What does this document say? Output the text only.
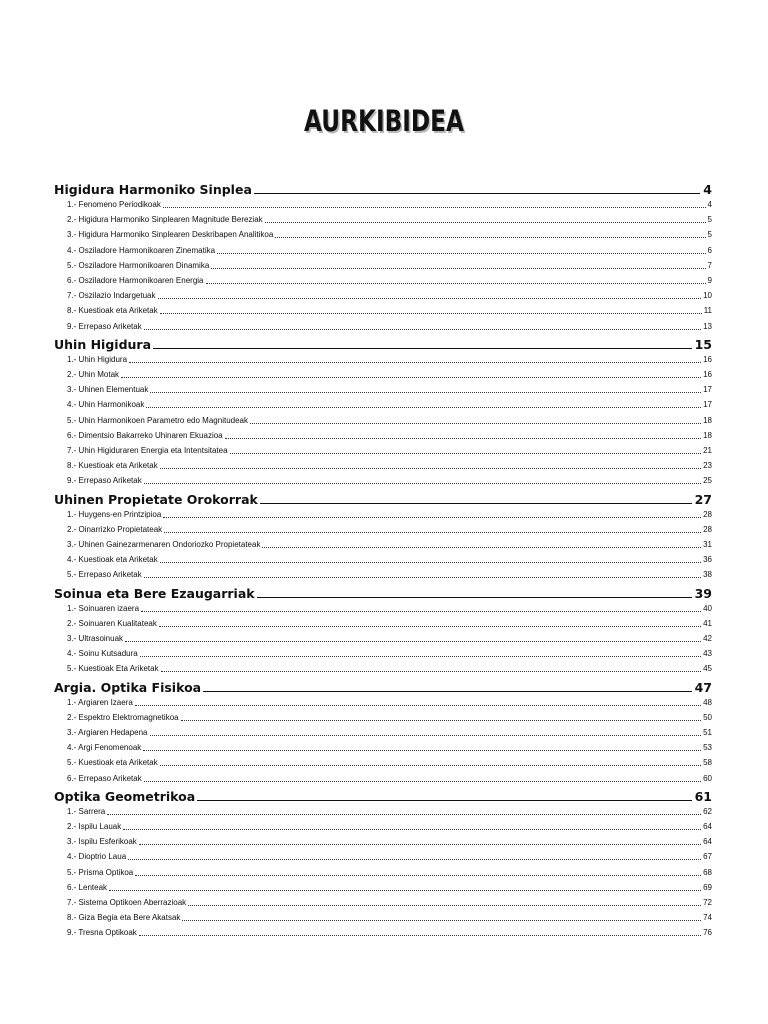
AURKIBIDEA
Higidura Harmoniko Sinplea	4
1.- Fenomeno Periodikoak	4
2.- Higidura Harmoniko Sinplearen Magnitude Bereziak	5
3.- Higidura Harmoniko Sinplearen Deskribapen Analitikoa	5
4.- Osziladore Harmonikoaren Zinematika	6
5.- Osziladore Harmonikoaren Dinamika	7
6.- Osziladore Harmonikoaren Energia	9
7.- Oszilazio Indargetuak	10
8.- Kuestioak eta Ariketak	11
9.- Errepaso Ariketak	13
Uhin Higidura	15
1.- Uhin Higidura	16
2.- Uhin Motak	16
3.- Uhinen Elementuak	17
4.- Uhin Harmonikoak	17
5.- Uhin Harmonikoen Parametro edo Magnitudeak	18
6.- Dimentsio Bakarreko Uhinaren Ekuazioa	18
7.- Uhin Higiduraren Energia eta Intentsitatea	21
8.- Kuestioak eta Ariketak	23
9.- Errepaso Ariketak	25
Uhinen Propietate Orokorrak	27
1.- Huygens-en Printzipioa	28
2.- Oinarrizko Propietateak	28
3.- Uhinen Gainezarmenaren Ondoriozko Propietateak	31
4.- Kuestioak eta Ariketak	36
5.- Errepaso Ariketak	38
Soinua eta Bere Ezaugarriak	39
1.- Soinuaren izaera	40
2.- Soinuaren Kualitateak	41
3.- Ultrasoinuak	42
4.- Soinu Kutsadura	43
5.- Kuestioak Eta Ariketak	45
Argia. Optika Fisikoa	47
1.- Argiaren Izaera	48
2.- Espektro Elektromagnetikoa	50
3.- Argiaren Hedapena	51
4.- Argi Fenomenoak	53
5.- Kuestioak eta Ariketak	58
6.- Errepaso Ariketak	60
Optika Geometrikoa	61
1.- Sarrera	62
2.- Ispilu Lauak	64
3.- Ispilu Esferikoak	64
4.- Dioptrio Laua	67
5.- Prisma Optikoa	68
6.- Lenteak	69
7.- Sistema Optikoen Aberrazioak	72
8.- Giza Begia eta Bere Akatsak	74
9.- Tresna Optikoak	76
